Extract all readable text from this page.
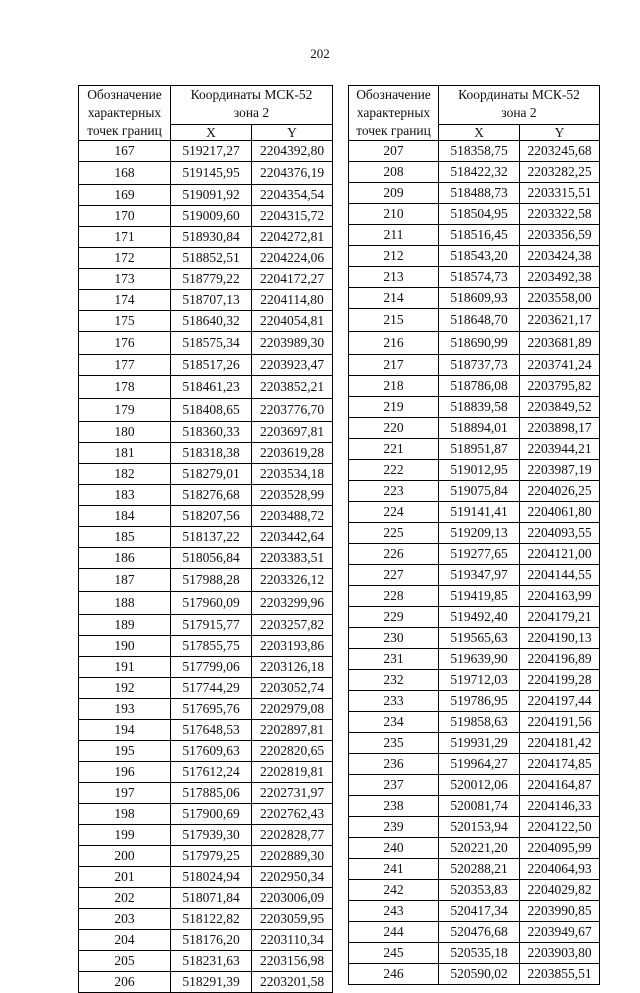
202
Обозначение
характерных
точек границ	Координаты МСК-52
зона 2	

	X	Y
167	519217,27	2204392,80
168	519145,95	2204376,19
169	519091,92	2204354,54
170	519009,60	2204315,72
171	518930,84	2204272,81
172	518852,51	2204224,06
173	518779,22	2204172,27
174	518707,13	2204114,80
175	518640,32	2204054,81
176	518575,34	2203989,30
177	518517,26	2203923,47
178	518461,23	2203852,21
179	518408,65	2203776,70
180	518360,33	2203697,81
181	518318,38	2203619,28
182	518279,01	2203534,18
183	518276,68	2203528,99
184	518207,56	2203488,72
185	518137,22	2203442,64
186	518056,84	2203383,51
187	517988,28	2203326,12
188	517960,09	2203299,96
189	517915,77	2203257,82
190	517855,75	2203193,86
191	517799,06	2203126,18
192	517744,29	2203052,74
193	517695,76	2202979,08
194	517648,53	2202897,81
195	517609,63	2202820,65
196	517612,24	2202819,81
197	517885,06	2202731,97
198	517900,69	2202762,43
199	517939,30	2202828,77
200	517979,25	2202889,30
201	518024,94	2202950,34
202	518071,84	2203006,09
203	518122,82	2203059,95
204	518176,20	2203110,34
205	518231,63	2203156,98
206	518291,39	2203201,58
Обозначение
характерных
точек границ	Координаты МСК-52
зона 2	

	X	Y
207	518358,75	2203245,68
208	518422,32	2203282,25
209	518488,73	2203315,51
210	518504,95	2203322,58
211	518516,45	2203356,59
212	518543,20	2203424,38
213	518574,73	2203492,38
214	518609,93	2203558,00
215	518648,70	2203621,17
216	518690,99	2203681,89
217	518737,73	2203741,24
218	518786,08	2203795,82
219	518839,58	2203849,52
220	518894,01	2203898,17
221	518951,87	2203944,21
222	519012,95	2203987,19
223	519075,84	2204026,25
224	519141,41	2204061,80
225	519209,13	2204093,55
226	519277,65	2204121,00
227	519347,97	2204144,55
228	519419,85	2204163,99
229	519492,40	2204179,21
230	519565,63	2204190,13
231	519639,90	2204196,89
232	519712,03	2204199,28
233	519786,95	2204197,44
234	519858,63	2204191,56
235	519931,29	2204181,42
236	519964,27	2204174,85
237	520012,06	2204164,87
238	520081,74	2204146,33
239	520153,94	2204122,50
240	520221,20	2204095,99
241	520288,21	2204064,93
242	520353,83	2204029,82
243	520417,34	2203990,85
244	520476,68	2203949,67
245	520535,18	2203903,80
246	520590,02	2203855,51
